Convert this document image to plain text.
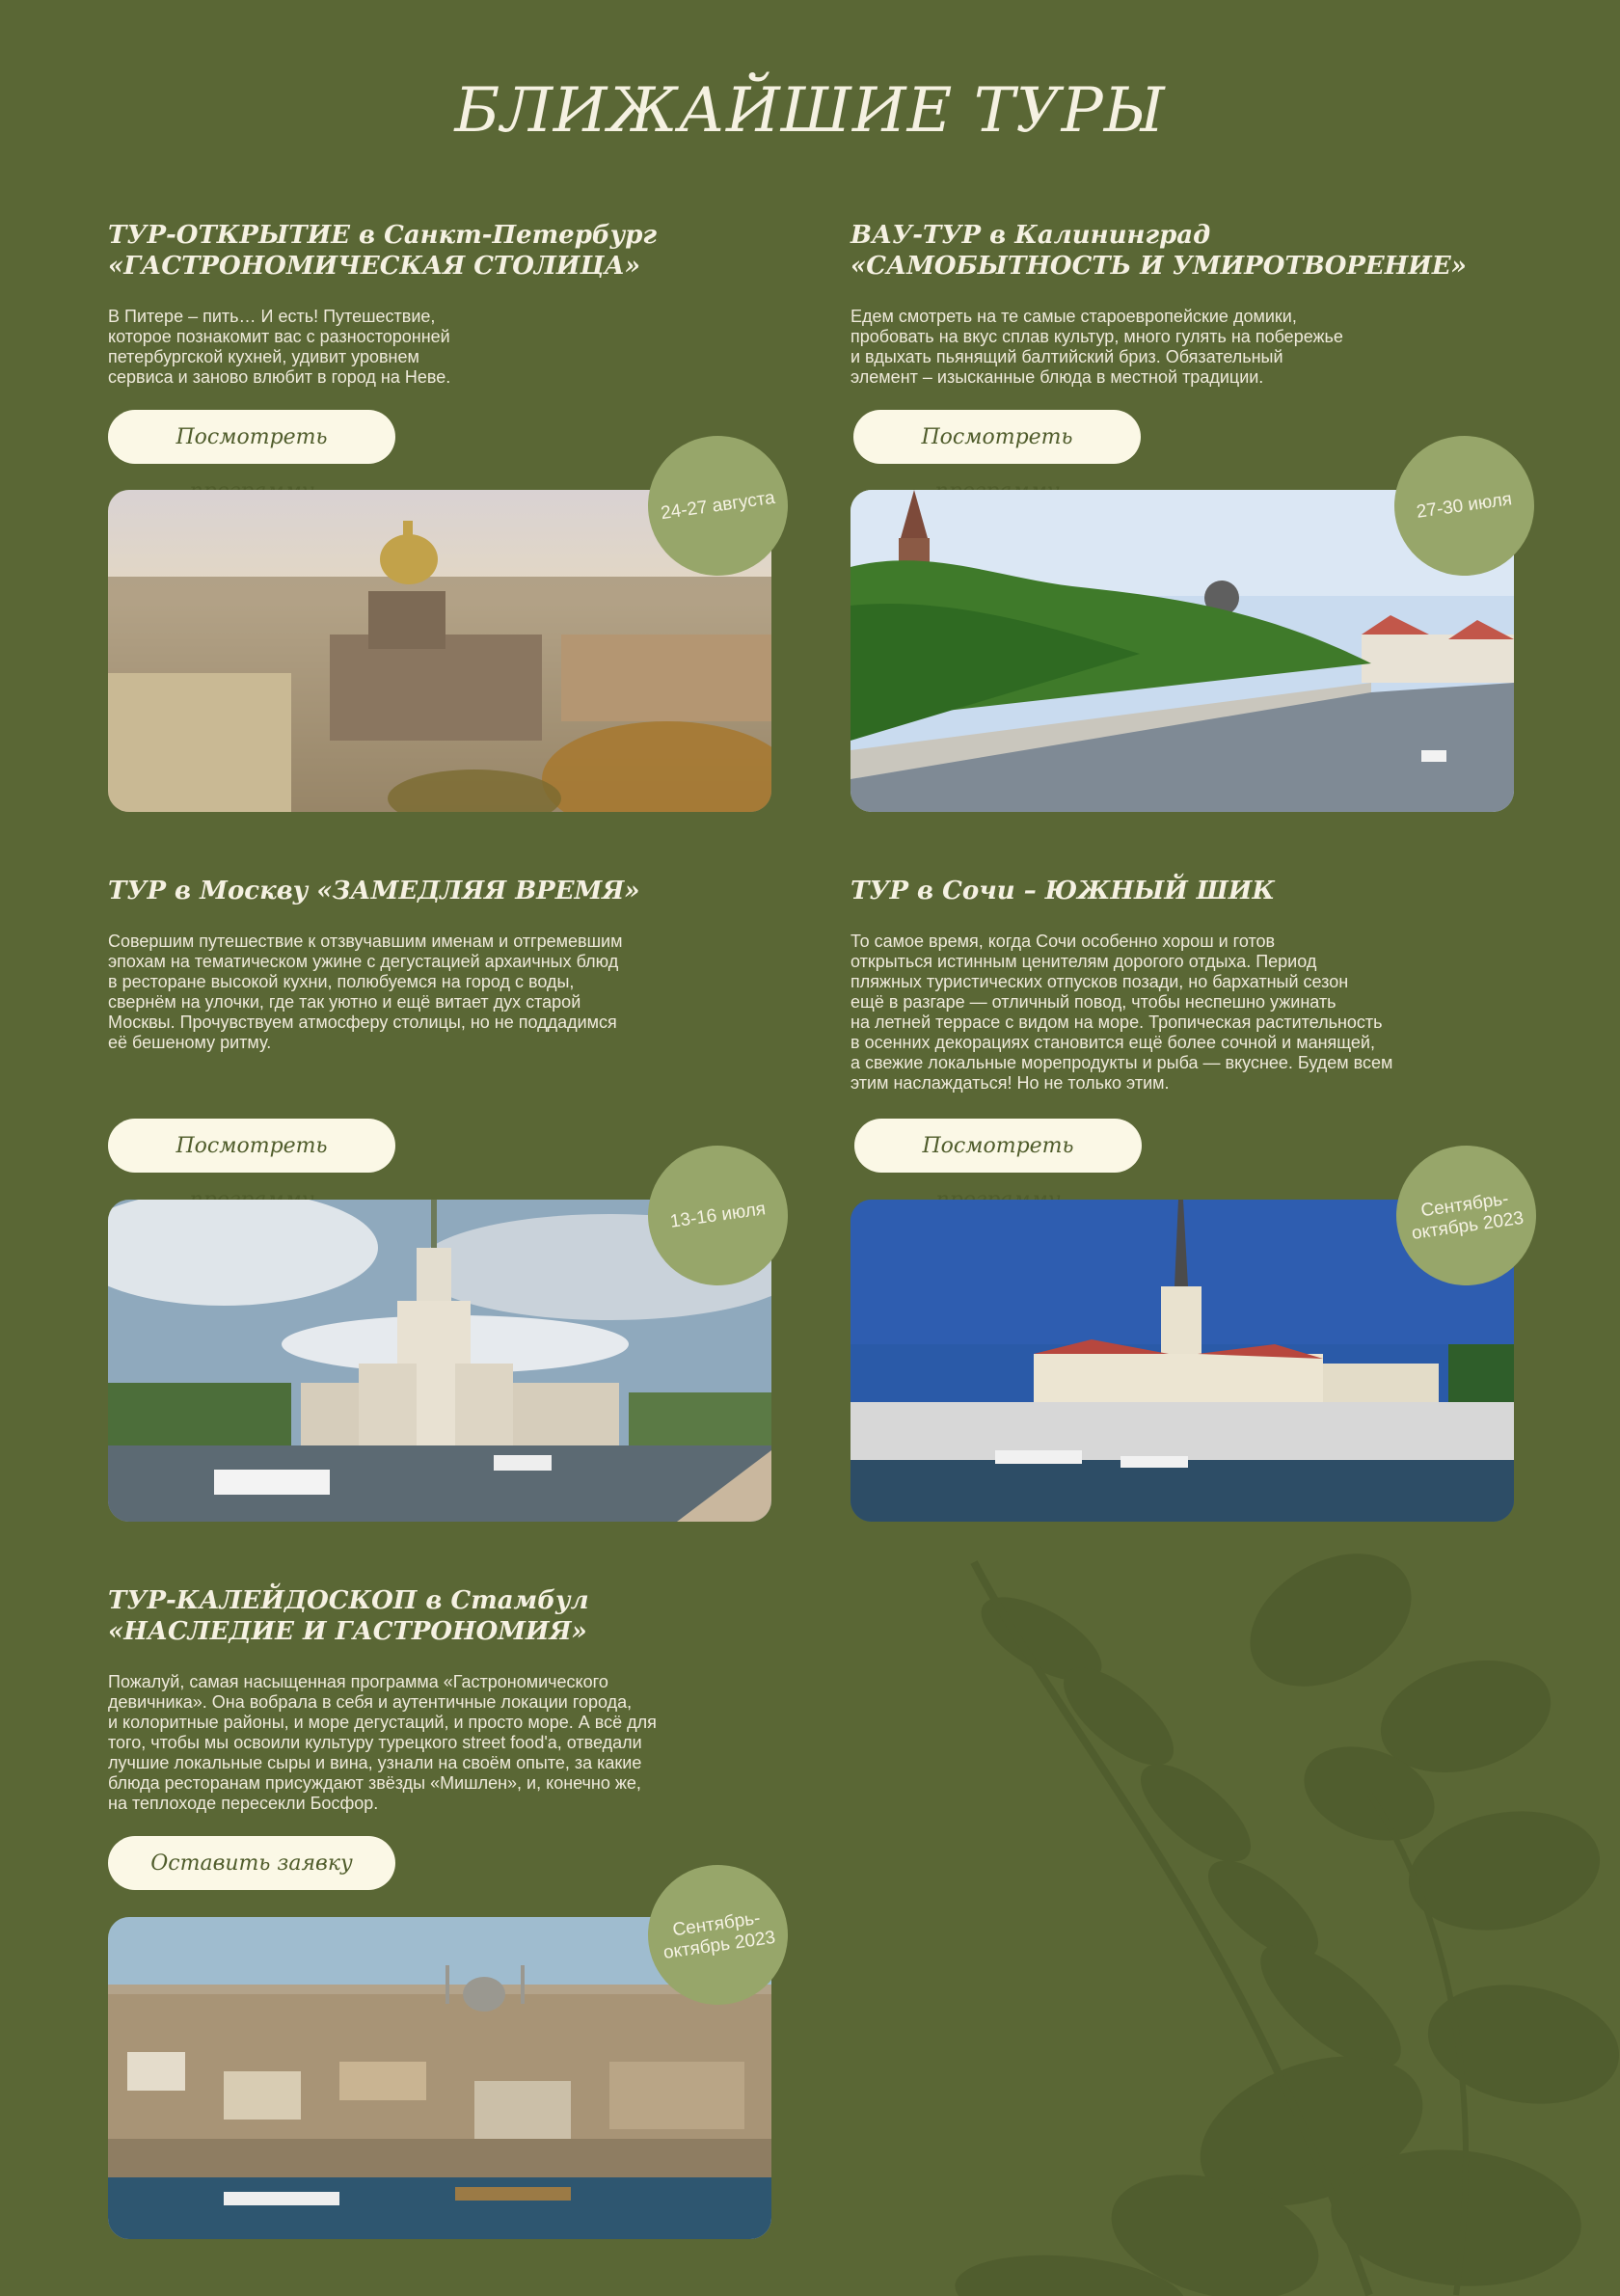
БЛИЖАЙШИЕ ТУРЫ
ТУР-ОТКРЫТИЕ в Санкт-Петербург
«ГАСТРОНОМИЧЕСКАЯ СТОЛИЦА»

В Питере – пить… И есть! Путешествие,
которое познакомит вас с разносторонней
петербургской кухней, удивит уровнем
сервиса и заново влюбит в город на Неве.

Посмотреть
24-27 августа
ВАУ-ТУР в Калининград
«САМОБЫТНОСТЬ И УМИРОТВОРЕНИЕ»

Едем смотреть на те самые староевропейские домики,
пробовать на вкус сплав культур, много гулять на побережье
и вдыхать пьянящий балтийский бриз. Обязательный
элемент – изысканные блюда в местной традиции.

Посмотреть
27-30 июля
ТУР в Москву «ЗАМЕДЛЯЯ ВРЕМЯ»

Совершим путешествие к отзвучавшим именам и отгремевшим
эпохам на тематическом ужине с дегустацией архаичных блюд
в ресторане высокой кухни, полюбуемся на город с воды,
свернём на улочки, где так уютно и ещё витает дух старой
Москвы. Прочувствуем атмосферу столицы, но не поддадимся
её бешеному ритму.

Посмотреть
13-16 июля
ТУР в Сочи – ЮЖНЫЙ ШИК

То самое время, когда Сочи особенно хорош и готов
открыться истинным ценителям дорогого отдыха. Период
пляжных туристических отпусков позади, но бархатный сезон
ещё в разгаре — отличный повод, чтобы неспешно ужинать
на летней террасе с видом на море. Тропическая растительность
в осенних декорациях становится ещё более сочной и манящей,
а свежие локальные морепродукты и рыба — вкуснее. Будем всем
этим наслаждаться! Но не только этим.

Посмотреть
Сентябрь-
октябрь 2023
ТУР-КАЛЕЙДОСКОП в Стамбул
«НАСЛЕДИЕ И ГАСТРОНОМИЯ»

Пожалуй, самая насыщенная программа «Гастрономического
девичника». Она вобрала в себя и аутентичные локации города,
и колоритные районы, и море дегустаций, и просто море. А всё для
того, чтобы мы освоили культуру турецкого street food'a, отведали
лучшие локальные сыры и вина, узнали на своём опыте, за какие
блюда ресторанам присуждают звёзды «Мишлен», и, конечно же,
на теплоходе пересекли Босфор.

Оставить заявку
Сентябрь-
октябрь 2023
